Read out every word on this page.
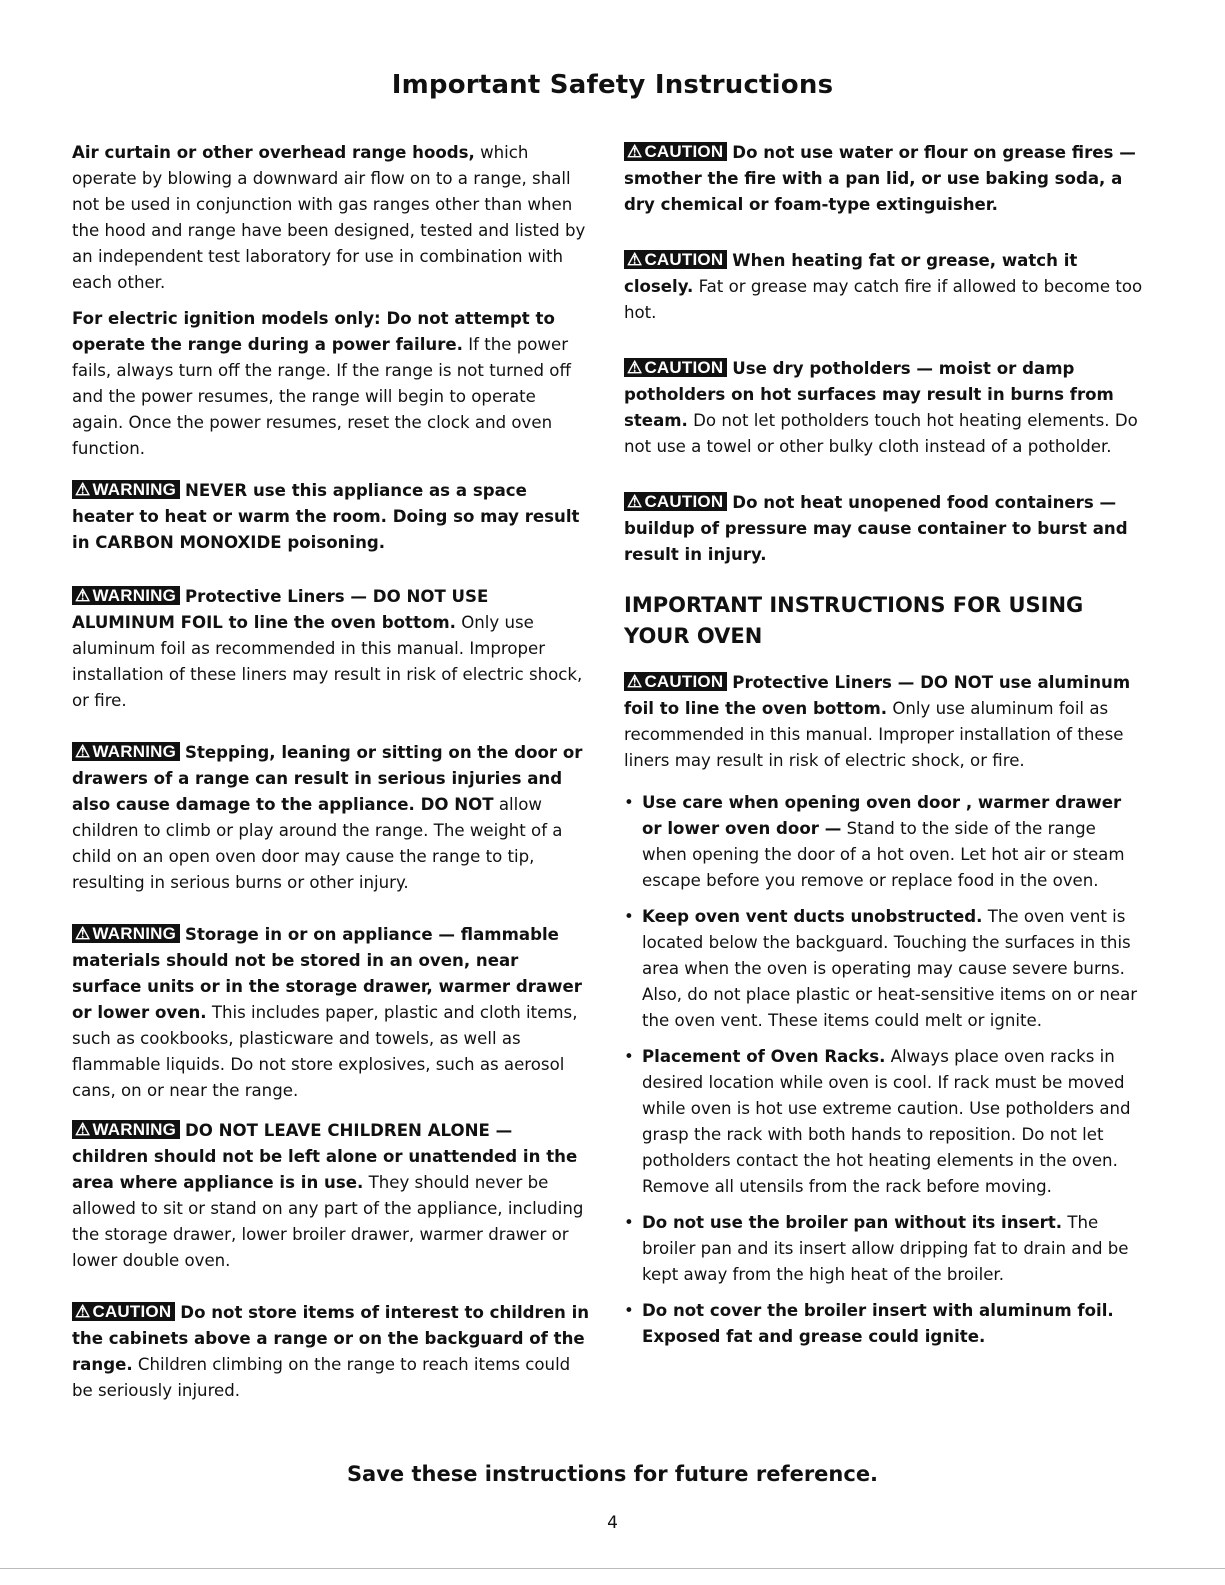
Important Safety Instructions

Air curtain or other overhead range hoods, which operate by blowing a downward air flow on to a range, shall not be used in conjunction with gas ranges other than when the hood and range have been designed, tested and listed by an independent test laboratory for use in combination with each other.

For electric ignition models only: Do not attempt to operate the range during a power failure. If the power fails, always turn off the range. If the range is not turned off and the power resumes, the range will begin to operate again. Once the power resumes, reset the clock and oven function.

⚠ WARNING NEVER use this appliance as a space heater to heat or warm the room. Doing so may result in CARBON MONOXIDE poisoning.

⚠ WARNING Protective Liners — DO NOT USE ALUMINUM FOIL to line the oven bottom. Only use aluminum foil as recommended in this manual. Improper installation of these liners may result in risk of electric shock, or fire.

⚠ WARNING Stepping, leaning or sitting on the door or drawers of a range can result in serious injuries and also cause damage to the appliance. DO NOT allow children to climb or play around the range. The weight of a child on an open oven door may cause the range to tip, resulting in serious burns or other injury.

⚠ WARNING Storage in or on appliance — flammable materials should not be stored in an oven, near surface units or in the storage drawer, warmer drawer or lower oven. This includes paper, plastic and cloth items, such as cookbooks, plasticware and towels, as well as flammable liquids. Do not store explosives, such as aerosol cans, on or near the range.

⚠ WARNING DO NOT LEAVE CHILDREN ALONE — children should not be left alone or unattended in the area where appliance is in use. They should never be allowed to sit or stand on any part of the appliance, including the storage drawer, lower broiler drawer, warmer drawer or lower double oven.

⚠ CAUTION Do not store items of interest to children in the cabinets above a range or on the backguard of the range. Children climbing on the range to reach items could be seriously injured.

⚠ CAUTION Do not use water or flour on grease fires — smother the fire with a pan lid, or use baking soda, a dry chemical or foam-type extinguisher.

⚠ CAUTION When heating fat or grease, watch it closely. Fat or grease may catch fire if allowed to become too hot.

⚠ CAUTION Use dry potholders — moist or damp potholders on hot surfaces may result in burns from steam. Do not let potholders touch hot heating elements. Do not use a towel or other bulky cloth instead of a potholder.

⚠ CAUTION Do not heat unopened food containers — buildup of pressure may cause container to burst and result in injury.

IMPORTANT INSTRUCTIONS FOR USING YOUR OVEN

⚠ CAUTION Protective Liners — DO NOT use aluminum foil to line the oven bottom. Only use aluminum foil as recommended in this manual. Improper installation of these liners may result in risk of electric shock, or fire.

• Use care when opening oven door , warmer drawer or lower oven door — Stand to the side of the range when opening the door of a hot oven. Let hot air or steam escape before you remove or replace food in the oven.

• Keep oven vent ducts unobstructed. The oven vent is located below the backguard. Touching the surfaces in this area when the oven is operating may cause severe burns. Also, do not place plastic or heat-sensitive items on or near the oven vent. These items could melt or ignite.

• Placement of Oven Racks. Always place oven racks in desired location while oven is cool. If rack must be moved while oven is hot use extreme caution. Use potholders and grasp the rack with both hands to reposition. Do not let potholders contact the hot heating elements in the oven. Remove all utensils from the rack before moving.

• Do not use the broiler pan without its insert. The broiler pan and its insert allow dripping fat to drain and be kept away from the high heat of the broiler.

• Do not cover the broiler insert with aluminum foil. Exposed fat and grease could ignite.

Save these instructions for future reference.
4
